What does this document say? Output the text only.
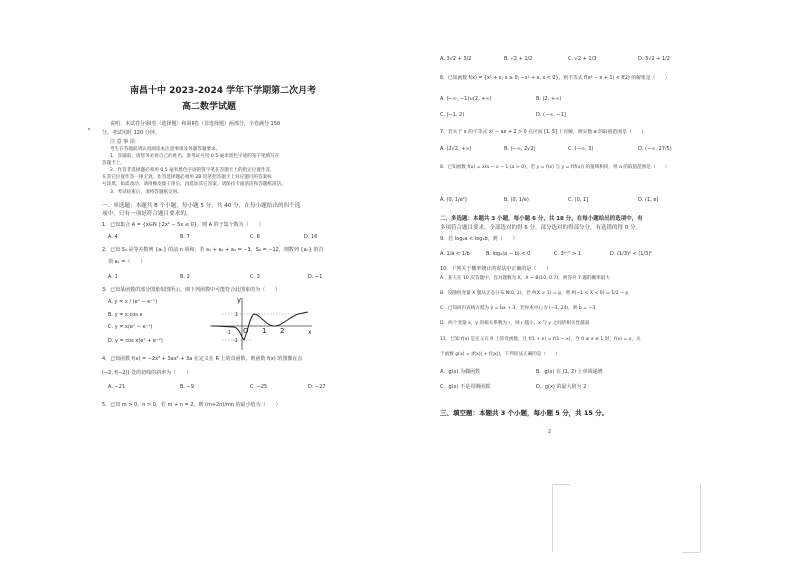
南昌十中 2023-2024 学年下学期第二次月考
高二数学试题
说明：本试卷分第Ⅰ卷（选择题）和第Ⅱ卷（非选择题）两部分，全卷满分 150
分。考试用时 120 分钟。
注 意 事 项：
考生在答题前请认真阅读本注意事项及各题答题要求。
1．答题前，请您务必将自己的姓名、准考证号用 0.5 毫米黑色字迹的签字笔填写在
答题卡上。
2．作答非选择题必须用 0.5 毫米黑色字迹的签字笔在答题卡上的指定位置作答，
在其它位置作答一律无效。作答选择题必须用 2B 铅笔把答题卡上对应题目的答案标
号涂黑，如需改动，请用橡皮擦干净后，再选涂其它答案。请保持卡面清洁和答题纸清洁。
3．考试结束后，请将答题纸交回。
一、单选题：本题共 8 个小题，每小题 5 分，共 40 分，在每小题给出的四个选
项中，只有一项是符合题目要求的。
1．已知集合 A = {x∈N | 2x² − 5x ≤ 0}，则 A 的子集个数为（　　）
A. 4	B. 7	C. 8	D. 16
2．已知 Sₙ 是等差数列 {aₙ} 的前 n 项和，若 a₁ + a₂ + a₃ = −3，S₆ = −12，则数列 {aₙ} 的首
项 a₁ =（　　）
A. 1	B. 2	C. 3	D. −1
3．已知某函数的部分图象如图所示，则下列函数中可能符合此图象的为（　　）
A. y = x / (eˣ − e⁻ˣ)
B. y = x cos x
C. y = x(eˣ − e⁻ˣ)
D. y = cos x(eˣ + e⁻ˣ)
y
x
-1 O 1 2
1
-1
4．已知函数 f(x) = −2x³ + 3ax² + 3a 在定义在 R 上的奇函数，则函数 f(x) 的图像在点
(−2, f(−2)) 处的切线的斜率为（　　）
A. −21	B. −9	C. −25	D. −27
5．已知 m > 0，n > 0，若 m + n = 2，则 (m+2n)/mn 的最小值为（　　）
A. 3√2 + 3/2	B. √2 + 1/2	C. √2 + 1/3	D. 3√2 + 1/2
6．已知函数 f(x) = {x² + x, x ≥ 0; −x² + x, x < 0}，则不等式 f(x² − x + 1) < f(2) 的解集是（　　）
A. (−∞, −1)∪(2, +∞)	B. (2, +∞)
C. (−1, 2)	D. (−∞, −1]
7．若关于 x 的不等式 x² − ax + 2 > 0 在区间 [1, 5] 上有解，则实数 a 的取值范围是（　　）
A. (2√2, +∞)	B. (−∞, 2√2)	C. (−∞, 3)	D. (−∞, 27/5)
8．已知函数 f(x) = x/a − x − 1 (a > 0)，若 y = f(x) 与 y = f(f(x)) 的值域相同，则 a 的取值范围是（　　）
A. (0, 1/e²]	B. (0, 1/e)	C. (0, 1]	D. (1, e]
二、多选题：本题共 3 小题，每小题 6 分，共 18 分。在每小题给出的选项中，有
多项符合题目要求。全部选对的得 6 分，部分选对的得部分分，有选错的得 0 分。
9．若 log₂a < log₂b，则（　　）
A. 1/a < 1/b	B. log₂(a − b) < 0	C. 3ᵃ⁻ᵇ > 1	D. (1/3)ᵃ < (1/3)ᵇ
10．下列关于概率统计的说法中正确的是（　　）
A．某人在 10 次答题中，答对题数为 X，X ~ B(10, 0.7)，则答对 7 题的概率最大
B．设随机变量 X 服从正态分布 N(0, 1)，若 P(X > 1) = p，则 P(−1 < X < 0) = 1/2 − p
C．已知回归直线方程为 ŷ = b̂x + 3，若样本中心为 (−3, 24)，则 b̂ = −3
D．两个变量 x，y 的相关系数为 r，则 r 越小，x 与 y 之间的相关性越弱
11．已知 f(x) 是定义在 R 上的奇函数，且 f(1 + x) = f(1 − x)，当 0 ≤ x ≤ 1 时，f(x) = x，关
于函数 g(x) = |f(x)| + f(|x|)，下列说法正确的是（　　）
A．g(x) 为偶函数	B．g(x) 在 (1, 2) 上单调递增
C．g(x) 不是周期函数	D．g(x) 的最大值为 2
三、填空题：本题共 3 个小题，每小题 5 分，共 15 分。
2
